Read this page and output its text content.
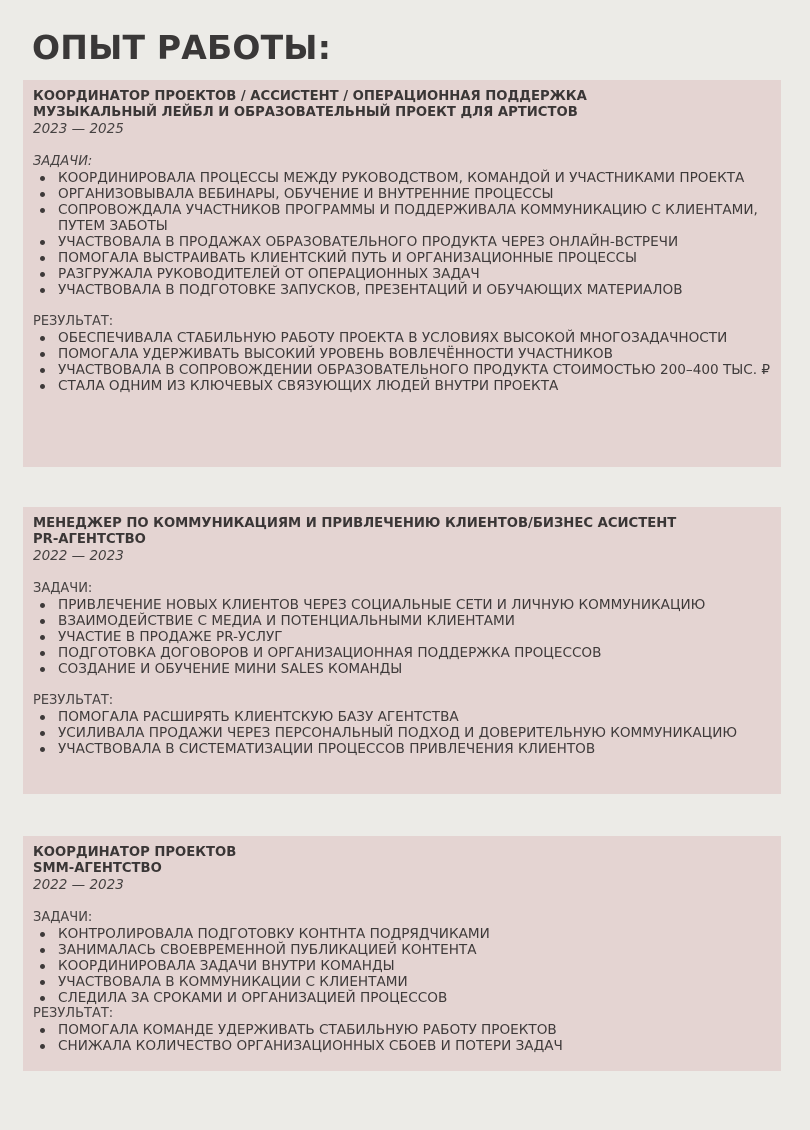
ОПЫТ РАБОТЫ:
КООРДИНАТОР ПРОЕКТОВ / АССИСТЕНТ / ОПЕРАЦИОННАЯ ПОДДЕРЖКА
МУЗЫКАЛЬНЫЙ ЛЕЙБЛ И ОБРАЗОВАТЕЛЬНЫЙ ПРОЕКТ ДЛЯ АРТИСТОВ
2023 — 2025
ЗАДАЧИ:
КООРДИНИРОВАЛА ПРОЦЕССЫ МЕЖДУ РУКОВОДСТВОМ, КОМАНДОЙ И УЧАСТНИКАМИ ПРОЕКТА
ОРГАНИЗОВЫВАЛА ВЕБИНАРЫ, ОБУЧЕНИЕ И ВНУТРЕННИЕ ПРОЦЕССЫ
СОПРОВОЖДАЛА УЧАСТНИКОВ ПРОГРАММЫ И ПОДДЕРЖИВАЛА КОММУНИКАЦИЮ С КЛИЕНТАМИ, ПУТЕМ ЗАБОТЫ
УЧАСТВОВАЛА В ПРОДАЖАХ ОБРАЗОВАТЕЛЬНОГО ПРОДУКТА ЧЕРЕЗ ОНЛАЙН-ВСТРЕЧИ
ПОМОГАЛА ВЫСТРАИВАТЬ КЛИЕНТСКИЙ ПУТЬ И ОРГАНИЗАЦИОННЫЕ ПРОЦЕССЫ
РАЗГРУЖАЛА РУКОВОДИТЕЛЕЙ ОТ ОПЕРАЦИОННЫХ ЗАДАЧ
УЧАСТВОВАЛА В ПОДГОТОВКЕ ЗАПУСКОВ, ПРЕЗЕНТАЦИЙ И ОБУЧАЮЩИХ МАТЕРИАЛОВ
РЕЗУЛЬТАТ:
ОБЕСПЕЧИВАЛА СТАБИЛЬНУЮ РАБОТУ ПРОЕКТА В УСЛОВИЯХ ВЫСОКОЙ МНОГОЗАДАЧНОСТИ
ПОМОГАЛА УДЕРЖИВАТЬ ВЫСОКИЙ УРОВЕНЬ ВОВЛЕЧЁННОСТИ УЧАСТНИКОВ
УЧАСТВОВАЛА В СОПРОВОЖДЕНИИ ОБРАЗОВАТЕЛЬНОГО ПРОДУКТА СТОИМОСТЬЮ 200–400 ТЫС. ₽
СТАЛА ОДНИМ ИЗ КЛЮЧЕВЫХ СВЯЗУЮЩИХ ЛЮДЕЙ ВНУТРИ ПРОЕКТА
МЕНЕДЖЕР ПО КОММУНИКАЦИЯМ И ПРИВЛЕЧЕНИЮ КЛИЕНТОВ/БИЗНЕС АСИСТЕНТ
PR-АГЕНТСТВО
2022 — 2023
ЗАДАЧИ:
ПРИВЛЕЧЕНИЕ НОВЫХ КЛИЕНТОВ ЧЕРЕЗ СОЦИАЛЬНЫЕ СЕТИ И ЛИЧНУЮ КОММУНИКАЦИЮ
ВЗАИМОДЕЙСТВИЕ С МЕДИА И ПОТЕНЦИАЛЬНЫМИ КЛИЕНТАМИ
УЧАСТИЕ В ПРОДАЖЕ PR-УСЛУГ
ПОДГОТОВКА ДОГОВОРОВ И ОРГАНИЗАЦИОННАЯ ПОДДЕРЖКА ПРОЦЕССОВ
СОЗДАНИЕ И ОБУЧЕНИЕ МИНИ SALES КОМАНДЫ
РЕЗУЛЬТАТ:
ПОМОГАЛА РАСШИРЯТЬ КЛИЕНТСКУЮ БАЗУ АГЕНТСТВА
УСИЛИВАЛА ПРОДАЖИ ЧЕРЕЗ ПЕРСОНАЛЬНЫЙ ПОДХОД И ДОВЕРИТЕЛЬНУЮ КОММУНИКАЦИЮ
УЧАСТВОВАЛА В СИСТЕМАТИЗАЦИИ ПРОЦЕССОВ ПРИВЛЕЧЕНИЯ КЛИЕНТОВ
КООРДИНАТОР ПРОЕКТОВ
SMM-АГЕНТСТВО
2022 — 2023
ЗАДАЧИ:
КОНТРОЛИРОВАЛА ПОДГОТОВКУ КОНТНТА ПОДРЯДЧИКАМИ
ЗАНИМАЛАСЬ СВОЕВРЕМЕННОЙ ПУБЛИКАЦИЕЙ КОНТЕНТА
КООРДИНИРОВАЛА ЗАДАЧИ ВНУТРИ КОМАНДЫ
УЧАСТВОВАЛА В КОММУНИКАЦИИ С КЛИЕНТАМИ
СЛЕДИЛА ЗА СРОКАМИ И ОРГАНИЗАЦИЕЙ ПРОЦЕССОВ
РЕЗУЛЬТАТ:
ПОМОГАЛА КОМАНДЕ УДЕРЖИВАТЬ СТАБИЛЬНУЮ РАБОТУ ПРОЕКТОВ
СНИЖАЛА КОЛИЧЕСТВО ОРГАНИЗАЦИОННЫХ СБОЕВ И ПОТЕРИ ЗАДАЧ
